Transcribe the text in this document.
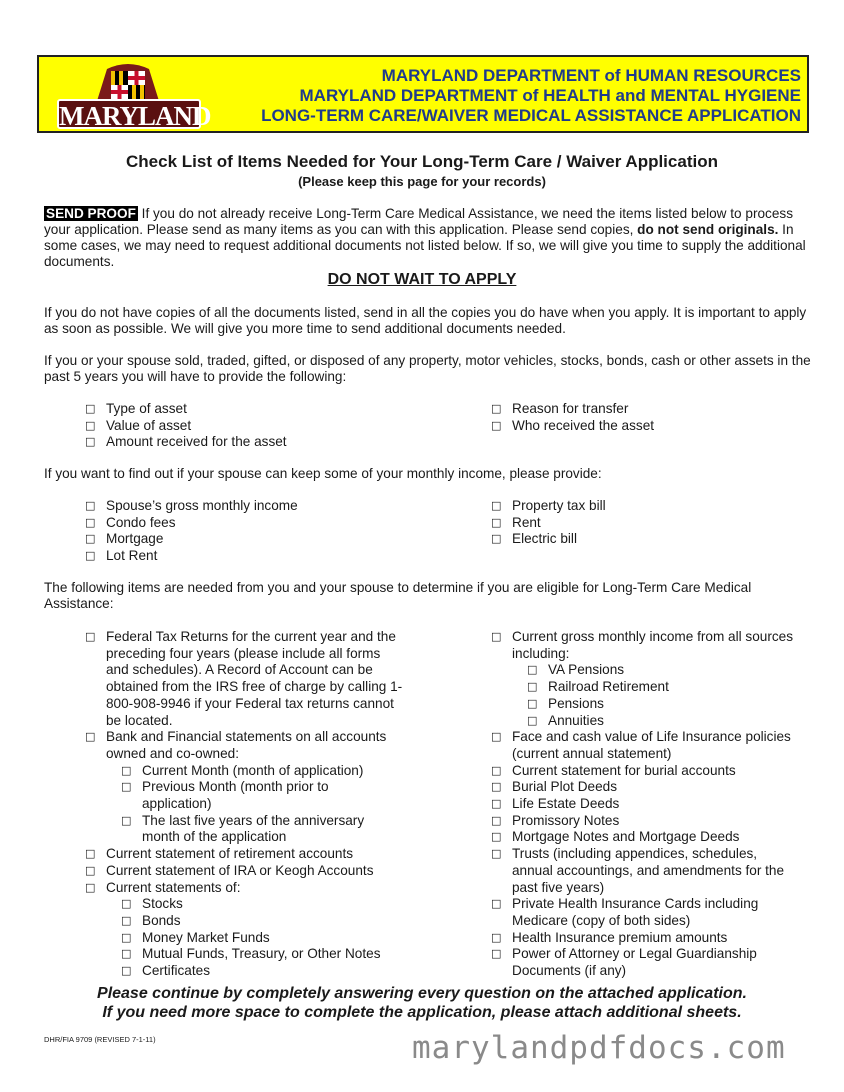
MARYLAND
MARYLAND DEPARTMENT of HUMAN RESOURCES
MARYLAND DEPARTMENT of HEALTH and MENTAL HYGIENE
LONG-TERM CARE/WAIVER MEDICAL ASSISTANCE APPLICATION
Check List of Items Needed for Your Long-Term Care / Waiver Application
(Please keep this page for your records)
SEND PROOF If you do not already receive Long-Term Care Medical Assistance, we need the items listed below to process your application. Please send as many items as you can with this application. Please send copies, do not send originals. In some cases, we may need to request additional documents not listed below. If so, we will give you time to supply the additional documents.
DO NOT WAIT TO APPLY
If you do not have copies of all the documents listed, send in all the copies you do have when you apply. It is important to apply as soon as possible. We will give you more time to send additional documents needed.
If you or your spouse sold, traded, gifted, or disposed of any property, motor vehicles, stocks, bonds, cash or other assets in the past 5 years you will have to provide the following:
□ Type of asset
□ Value of asset
□ Amount received for the asset
□ Reason for transfer
□ Who received the asset
If you want to find out if your spouse can keep some of your monthly income, please provide:
□ Spouse’s gross monthly income
□ Condo fees
□ Mortgage
□ Lot Rent
□ Property tax bill
□ Rent
□ Electric bill
The following items are needed from you and your spouse to determine if you are eligible for Long-Term Care Medical Assistance:
□ Federal Tax Returns for the current year and the preceding four years (please include all forms and schedules). A Record of Account can be obtained from the IRS free of charge by calling 1-800-908-9946 if your Federal tax returns cannot be located.
□ Bank and Financial statements on all accounts owned and co-owned:
□ Current Month (month of application)
□ Previous Month (month prior to application)
□ The last five years of the anniversary month of the application
□ Current statement of retirement accounts
□ Current statement of IRA or Keogh Accounts
□ Current statements of:
□ Stocks
□ Bonds
□ Money Market Funds
□ Mutual Funds, Treasury, or Other Notes
□ Certificates
□ Current gross monthly income from all sources including:
□ VA Pensions
□ Railroad Retirement
□ Pensions
□ Annuities
□ Face and cash value of Life Insurance policies (current annual statement)
□ Current statement for burial accounts
□ Burial Plot Deeds
□ Life Estate Deeds
□ Promissory Notes
□ Mortgage Notes and Mortgage Deeds
□ Trusts (including appendices, schedules, annual accountings, and amendments for the past five years)
□ Private Health Insurance Cards including Medicare (copy of both sides)
□ Health Insurance premium amounts
□ Power of Attorney or Legal Guardianship Documents (if any)
Please continue by completely answering every question on the attached application.
If you need more space to complete the application, please attach additional sheets.
DHR/FIA 9709 (REVISED 7-1-11)	marylandpdfdocs.com
